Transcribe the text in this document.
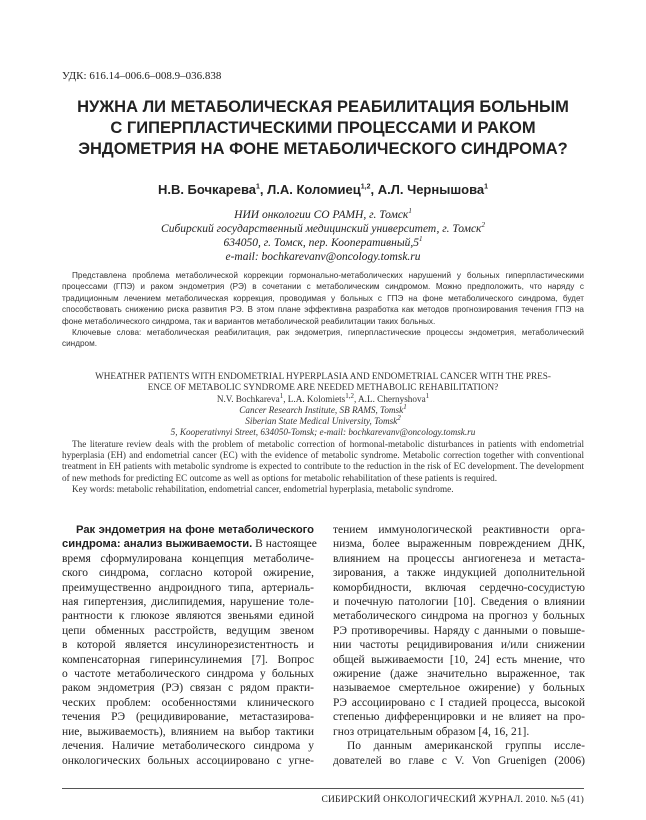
УДК: 616.14–006.6–008.9–036.838
НУЖНА ЛИ МЕТАБОЛИЧЕСКАЯ РЕАБИЛИТАЦИЯ БОЛЬНЫМ
С ГИПЕРПЛАСТИЧЕСКИМИ ПРОЦЕССАМИ И РАКОМ
ЭНДОМЕТРИЯ НА ФОНЕ МЕТАБОЛИЧЕСКОГО СИНДРОМА?
Н.В. Бочкарева$^1$, Л.А. Коломиец$^{1,2}$, А.Л. Чернышова$^1$
НИИ онкологии СО РАМН, г. Томск$^1$
Сибирский государственный медицинский университет, г. Томск$^2$
634050, г. Томск, пер. $Кооперативный,5^1$
e-mail: bochkarevanv@oncology.tomsk.ru

Представлена проблема метаболической коррекции гормонально-метаболических нарушений у больных гиперпластическими процессами (ГПЭ) и раком эндометрия (РЭ) в сочетании с метаболическим синдромом. Можно предположить, что наряду с традиционным лечением метаболическая коррекция, проводимая у больных с ГПЭ на фоне метаболического синдрома, будет способствовать снижению риска развития РЭ. В этом плане эффективна разработка как методов прогнозирования течения ГПЭ на фоне метаболического синдрома, так и вариантов метаболической реабилитации таких больных.

Ключевые слова: метаболическая реабилитация, рак эндометрия, гиперпластические процессы эндометрия, метаболический синдром.

WHEATHER PATIENTS WITH ENDOMETRIAL HYPERPLASIA AND ENDOMETRIAL CANCER WITH THE PRES-
ENCE OF METABOLIC SYNDROME ARE NEEDED METHABOLIC REHABILITATION?
N.V. Bochkareva$^1$, L.A. Kolomiets$^{1,2}$, A.L. Chernyshova$^1$
Cancer Research Institute, SB RAMS, Tomsk$^1$
Siberian State Medical University, Tomsk$^2$
5, Kooperativnyi Street, 634050-Tomsk; e-mail: bochkarevanv@oncology.tomsk.ru

The literature review deals with the problem of metabolic correction of hormonal-metabolic disturbances in patients with endometrial hyperplasia (EH) and endometrial cancer (EC) with the evidence of metabolic syndrome. Metabolic correction together with conventional treatment in EH patients with metabolic syndrome is expected to contribute to the reduction in the risk of EC development. The development of new methods for predicting EC outcome as well as options for metabolic rehabilitation of these patients is required.

Key words: metabolic rehabilitation, endometrial cancer, endometrial hyperplasia, metabolic syndrome.

Рак эндометрия на фоне метаболического
синдрома: анализ выживаемости. В настоящее
время сформулирована концепция метаболиче-
ского синдрома, согласно которой ожирение,
преимущественно андроидного типа, артериаль-
ная гипертензия, дислипидемия, нарушение толе-
рантности к глюкозе являются звеньями единой
цепи обменных расстройств, ведущим звеном
в которой является инсулинорезистентность и
компенсаторная гиперинсулинемия [7]. Вопрос
о частоте метаболического синдрома у больных
раком эндометрия (РЭ) связан с рядом практи-
ческих проблем: особенностями клинического
течения РЭ (рецидивирование, метастазирова-
ние, выживаемость), влиянием на выбор тактики
лечения. Наличие метаболического синдрома у
онкологических больных ассоциировано с угне-
тением иммунологической реактивности орга-
низма, более выраженным повреждением ДНК,
влиянием на процессы ангиогенеза и метаста-
зирования, а также индукцией дополнительной
коморбидности, включая сердечно-сосудистую
и почечную патологии [10]. Сведения о влиянии
метаболического синдрома на прогноз у больных
РЭ противоречивы. Наряду с данными о повыше-
нии частоты рецидивирования и/или снижении
общей выживаемости [10, 24] есть мнение, что
ожирение (даже значительно выраженное, так
называемое смертельное ожирение) у больных
РЭ ассоциировано с I стадией процесса, высокой
степенью дифференцировки и не влияет на про-
гноз отрицательным образом [4, 16, 21].
По данным американской группы иссле-
дователей во главе с V. Von Gruenigen (2006)
СИБИРСКИЙ ОНКОЛОГИЧЕСКИЙ ЖУРНАЛ. 2010. №5 (41)
